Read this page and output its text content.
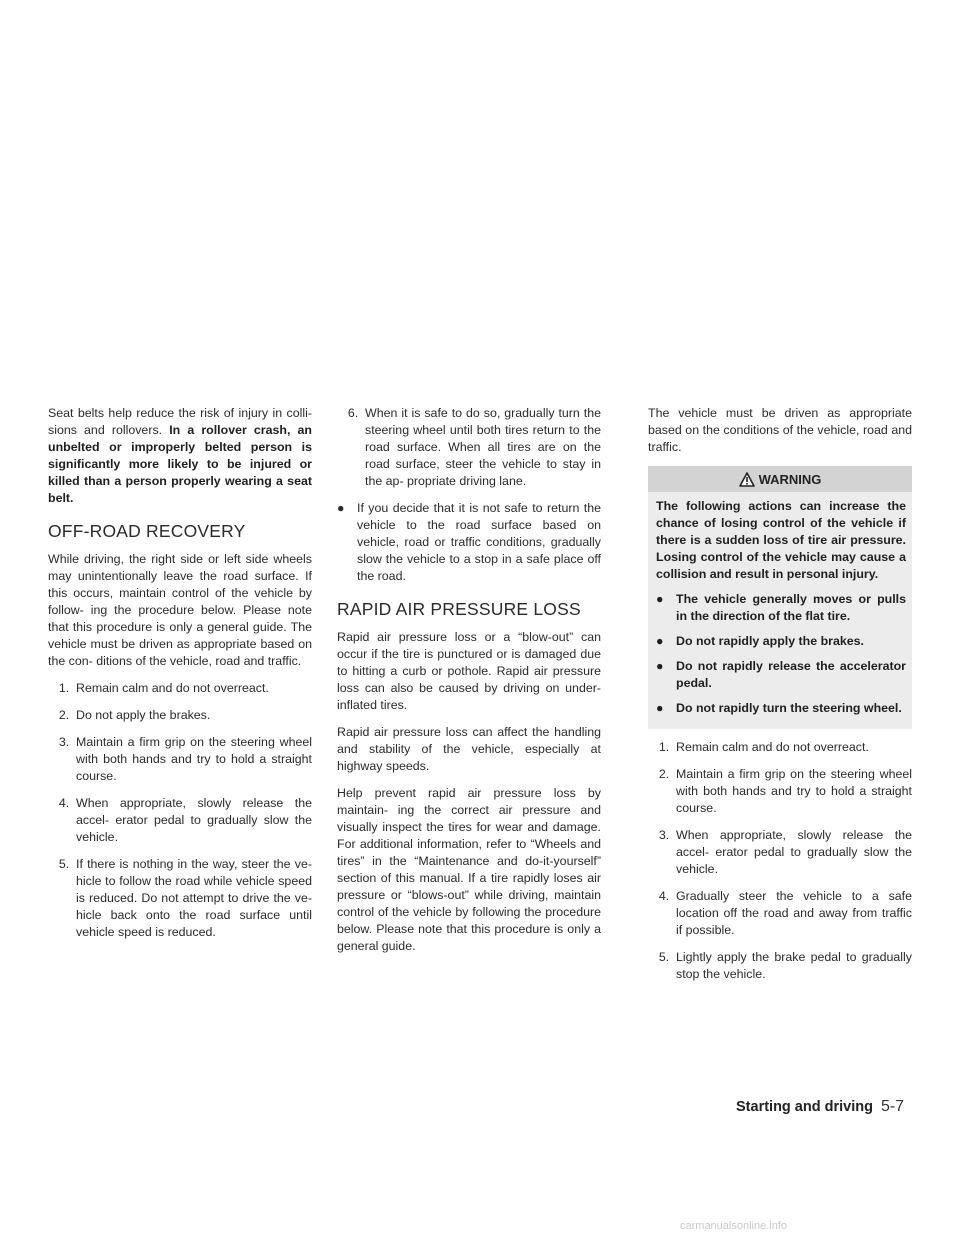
Seat belts help reduce the risk of injury in colli- sions and rollovers. In a rollover crash, an unbelted or improperly belted person is significantly more likely to be injured or killed than a person properly wearing a seat belt.

OFF-ROAD RECOVERY

While driving, the right side or left side wheels may unintentionally leave the road surface. If this occurs, maintain control of the vehicle by follow- ing the procedure below. Please note that this procedure is only a general guide. The vehicle must be driven as appropriate based on the con- ditions of the vehicle, road and traffic.

1. Remain calm and do not overreact.
2. Do not apply the brakes.
3. Maintain a firm grip on the steering wheel with both hands and try to hold a straight course.
4. When appropriate, slowly release the accel- erator pedal to gradually slow the vehicle.
5. If there is nothing in the way, steer the ve- hicle to follow the road while vehicle speed is reduced. Do not attempt to drive the ve- hicle back onto the road surface until vehicle speed is reduced.
6. When it is safe to do so, gradually turn the steering wheel until both tires return to the road surface. When all tires are on the road surface, steer the vehicle to stay in the ap- propriate driving lane.
● If you decide that it is not safe to return the vehicle to the road surface based on vehicle, road or traffic conditions, gradually slow the vehicle to a stop in a safe place off the road.
RAPID AIR PRESSURE LOSS

Rapid air pressure loss or a “blow-out” can occur if the tire is punctured or is damaged due to hitting a curb or pothole. Rapid air pressure loss can also be caused by driving on under-inflated tires.

Rapid air pressure loss can affect the handling and stability of the vehicle, especially at highway speeds.

Help prevent rapid air pressure loss by maintain- ing the correct air pressure and visually inspect the tires for wear and damage. For additional information, refer to “Wheels and tires” in the “Maintenance and do-it-yourself” section of this manual. If a tire rapidly loses air pressure or “blows-out” while driving, maintain control of the vehicle by following the procedure below. Please note that this procedure is only a general guide.

The vehicle must be driven as appropriate based on the conditions of the vehicle, road and traffic.

WARNING

The following actions can increase the chance of losing control of the vehicle if there is a sudden loss of tire air pressure. Losing control of the vehicle may cause a collision and result in personal injury.

● The vehicle generally moves or pulls in the direction of the flat tire.
● Do not rapidly apply the brakes.
● Do not rapidly release the accelerator pedal.
● Do not rapidly turn the steering wheel.
1. Remain calm and do not overreact.
2. Maintain a firm grip on the steering wheel with both hands and try to hold a straight course.
3. When appropriate, slowly release the accel- erator pedal to gradually slow the vehicle.
4. Gradually steer the vehicle to a safe location off the road and away from traffic if possible.
5. Lightly apply the brake pedal to gradually stop the vehicle.
Starting and driving 5-7
carmanualsonline.info
